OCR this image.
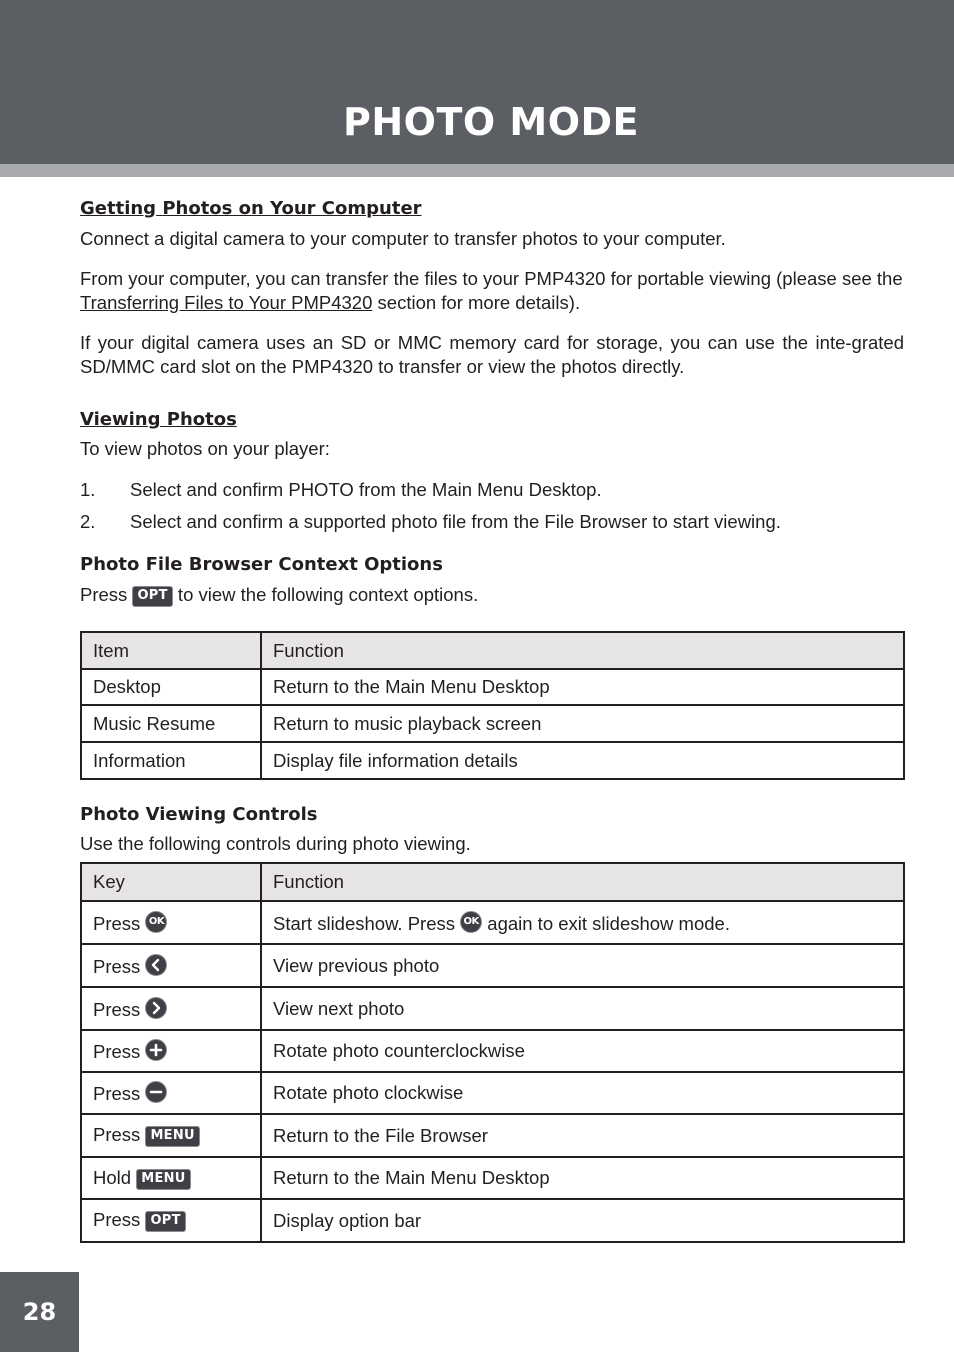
PHOTO MODE
Getting Photos on Your Computer

Connect a digital camera to your computer to transfer photos to your computer.

From your computer, you can transfer the files to your PMP4320 for portable viewing (please see the Transferring Files to Your PMP4320 section for more details).

If your digital camera uses an SD or MMC memory card for storage, you can use the inte-grated SD/MMC card slot on the PMP4320 to transfer or view the photos directly.

Viewing Photos

To view photos on your player:

1. Select and confirm PHOTO from the Main Menu Desktop.
2. Select and confirm a supported photo file from the File Browser to start viewing.
Photo File Browser Context Options

Press OPT to view the following context options.

Item	Function
Desktop	Return to the Main Menu Desktop
Music Resume	Return to music playback screen
Information	Display file information details
Photo Viewing Controls

Use the following controls during photo viewing.

Key	Function
Press OK	Start slideshow. Press OK again to exit slideshow mode.
Press	View previous photo
Press	View next photo
Press	Rotate photo counterclockwise
Press	Rotate photo clockwise
Press MENU	Return to the File Browser
Hold MENU	Return to the Main Menu Desktop
Press OPT	Display option bar
28
